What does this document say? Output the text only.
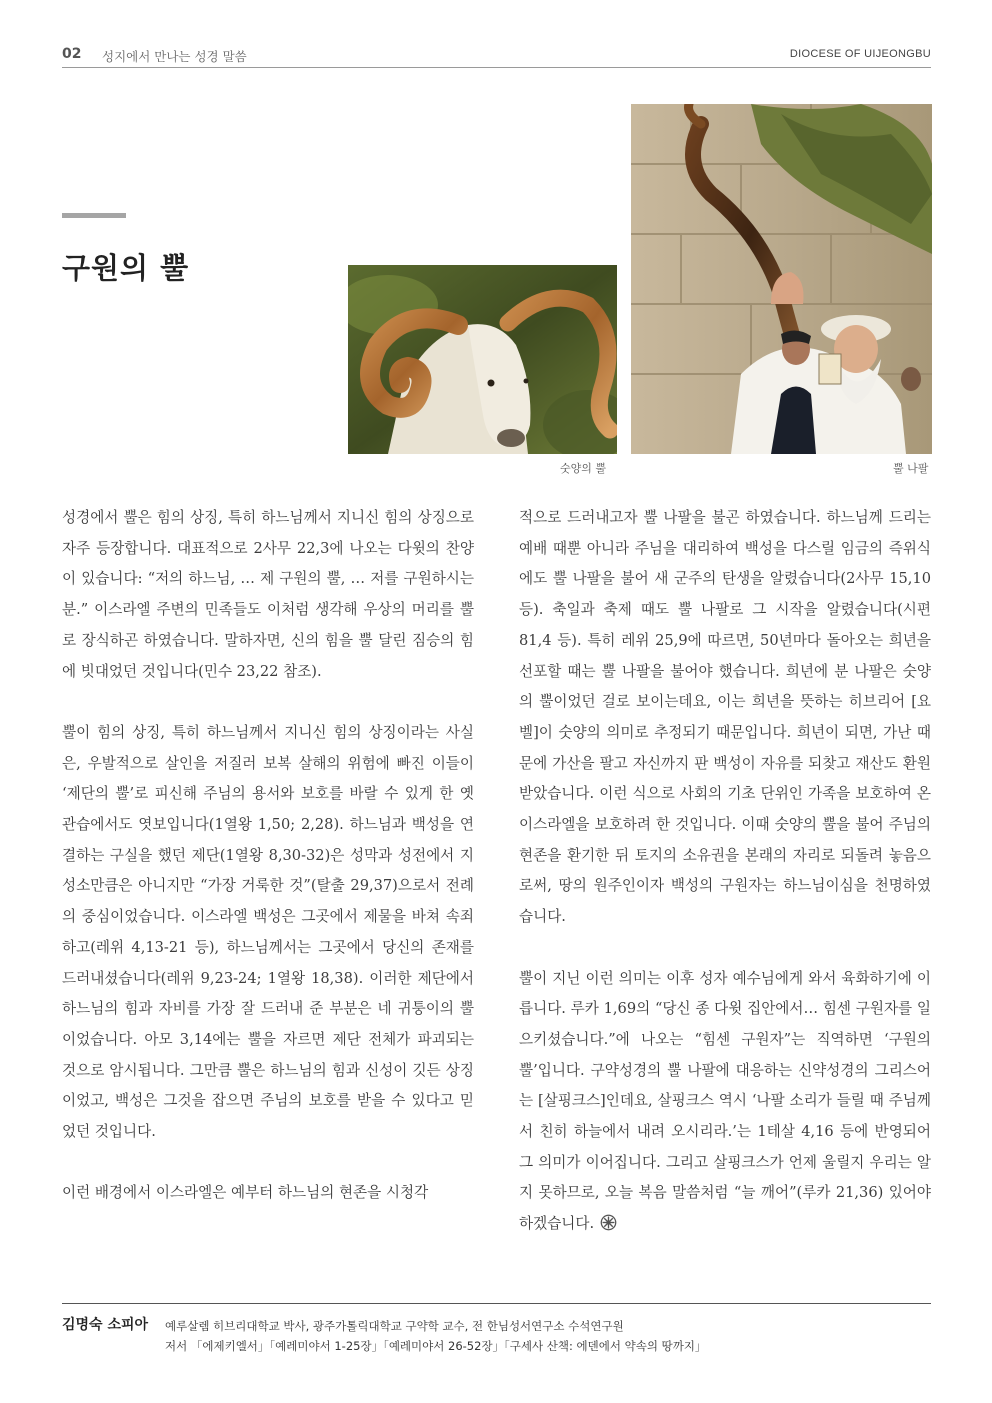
02 성지에서 만나는 성경 말씀	DIOCESE OF UIJEONGBU
구원의 뿔
숫양의 뿔	뿔 나팔

성경에서 뿔은 힘의 상징, 특히 하느님께서 지니신 힘의 상징으로 자주 등장합니다. 대표적으로 2사무 22,3에 나오는 다윗의 찬양이 있습니다: “저의 하느님, … 제 구원의 뿔, … 저를 구원하시는 분.” 이스라엘 주변의 민족들도 이처럼 생각해 우상의 머리를 뿔로 장식하곤 하였습니다. 말하자면, 신의 힘을 뿔 달린 짐승의 힘에 빗대었던 것입니다(민수 23,22 참조).

뿔이 힘의 상징, 특히 하느님께서 지니신 힘의 상징이라는 사실은, 우발적으로 살인을 저질러 보복 살해의 위험에 빠진 이들이 ‘제단의 뿔’로 피신해 주님의 용서와 보호를 바랄 수 있게 한 옛 관습에서도 엿보입니다(1열왕 1,50; 2,28). 하느님과 백성을 연결하는 구실을 했던 제단(1열왕 8,30-32)은 성막과 성전에서 지성소만큼은 아니지만 “가장 거룩한 것”(탈출 29,37)으로서 전례의 중심이었습니다. 이스라엘 백성은 그곳에서 제물을 바쳐 속죄하고(레위 4,13-21 등), 하느님께서는 그곳에서 당신의 존재를 드러내셨습니다(레위 9,23-24; 1열왕 18,38). 이러한 제단에서 하느님의 힘과 자비를 가장 잘 드러내 준 부분은 네 귀퉁이의 뿔이었습니다. 아모 3,14에는 뿔을 자르면 제단 전체가 파괴되는 것으로 암시됩니다. 그만큼 뿔은 하느님의 힘과 신성이 깃든 상징이었고, 백성은 그것을 잡으면 주님의 보호를 받을 수 있다고 믿었던 것입니다.

이런 배경에서 이스라엘은 예부터 하느님의 현존을 시청각

적으로 드러내고자 뿔 나팔을 불곤 하였습니다. 하느님께 드리는 예배 때뿐 아니라 주님을 대리하여 백성을 다스릴 임금의 즉위식에도 뿔 나팔을 불어 새 군주의 탄생을 알렸습니다(2사무 15,10 등). 축일과 축제 때도 뿔 나팔로 그 시작을 알렸습니다(시편 81,4 등). 특히 레위 25,9에 따르면, 50년마다 돌아오는 희년을 선포할 때는 뿔 나팔을 불어야 했습니다. 희년에 분 나팔은 숫양의 뿔이었던 걸로 보이는데요, 이는 희년을 뜻하는 히브리어 [요벨]이 숫양의 의미로 추정되기 때문입니다. 희년이 되면, 가난 때문에 가산을 팔고 자신까지 판 백성이 자유를 되찾고 재산도 환원 받았습니다. 이런 식으로 사회의 기초 단위인 가족을 보호하여 온 이스라엘을 보호하려 한 것입니다. 이때 숫양의 뿔을 불어 주님의 현존을 환기한 뒤 토지의 소유권을 본래의 자리로 되돌려 놓음으로써, 땅의 원주인이자 백성의 구원자는 하느님이심을 천명하였습니다.

뿔이 지닌 이런 의미는 이후 성자 예수님에게 와서 육화하기에 이릅니다. 루카 1,69의 “당신 종 다윗 집안에서… 힘센 구원자를 일으키셨습니다.”에 나오는 “힘센 구원자”는 직역하면 ‘구원의 뿔’입니다. 구약성경의 뿔 나팔에 대응하는 신약성경의 그리스어는 [살핑크스]인데요, 살핑크스 역시 ‘나팔 소리가 들릴 때 주님께서 친히 하늘에서 내려 오시리라.’는 1테살 4,16 등에 반영되어 그 의미가 이어집니다. 그리고 살핑크스가 언제 울릴지 우리는 알지 못하므로, 오늘 복음 말씀처럼 “늘 깨어”(루카 21,36) 있어야 하겠습니다.

김명숙 소피아 예루살렘 히브리대학교 박사, 광주가톨릭대학교 구약학 교수, 전 한님성서연구소 수석연구원
저서 「에제키엘서」「예레미야서 1-25장」「예레미야서 26-52장」「구세사 산책: 에덴에서 약속의 땅까지」
